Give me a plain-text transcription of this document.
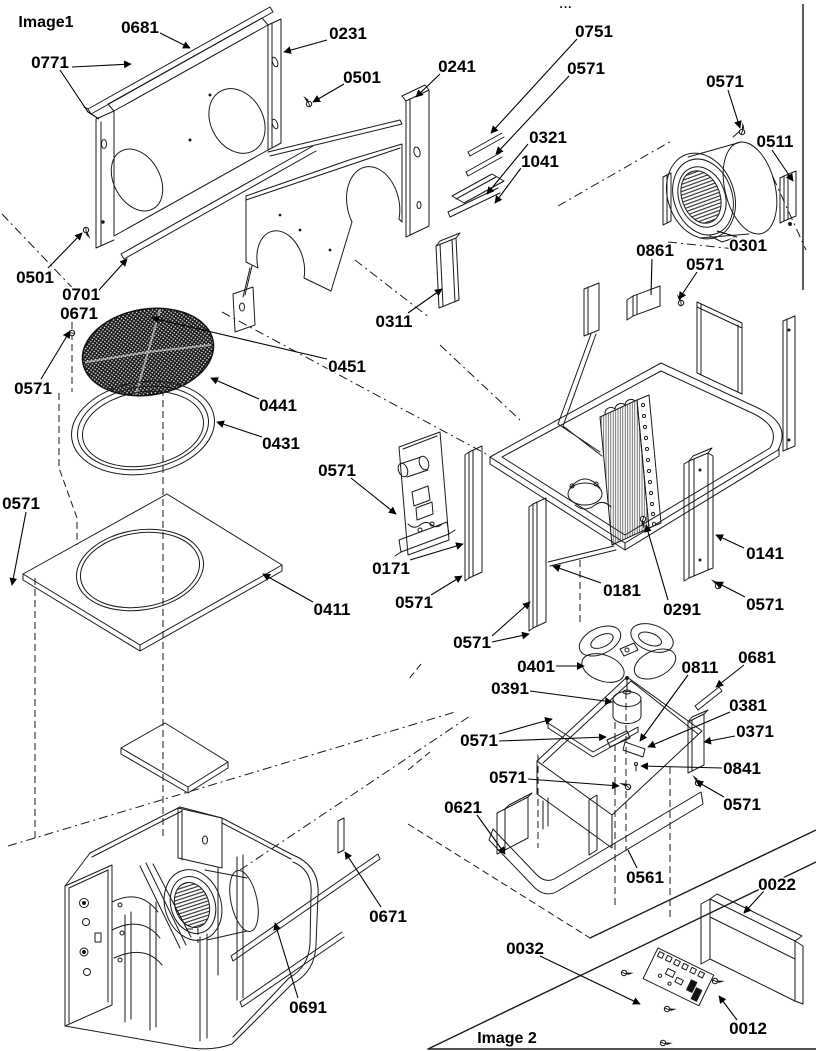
0681	0231
0771
0501
0241
0751
0571
0571
0511
0321
1041
0301
0861
0571
0501
0701
0671
0571
0311
0451
0441
0431
0571
0571
0141
0171
0181
0291	0571
0411	0571
0571
0401	0811
0681
0391
0381
0371
0571
0841
0571
0571
0621
0561	0022
0032
0012
0671
0691
Image1
Image 2
...
